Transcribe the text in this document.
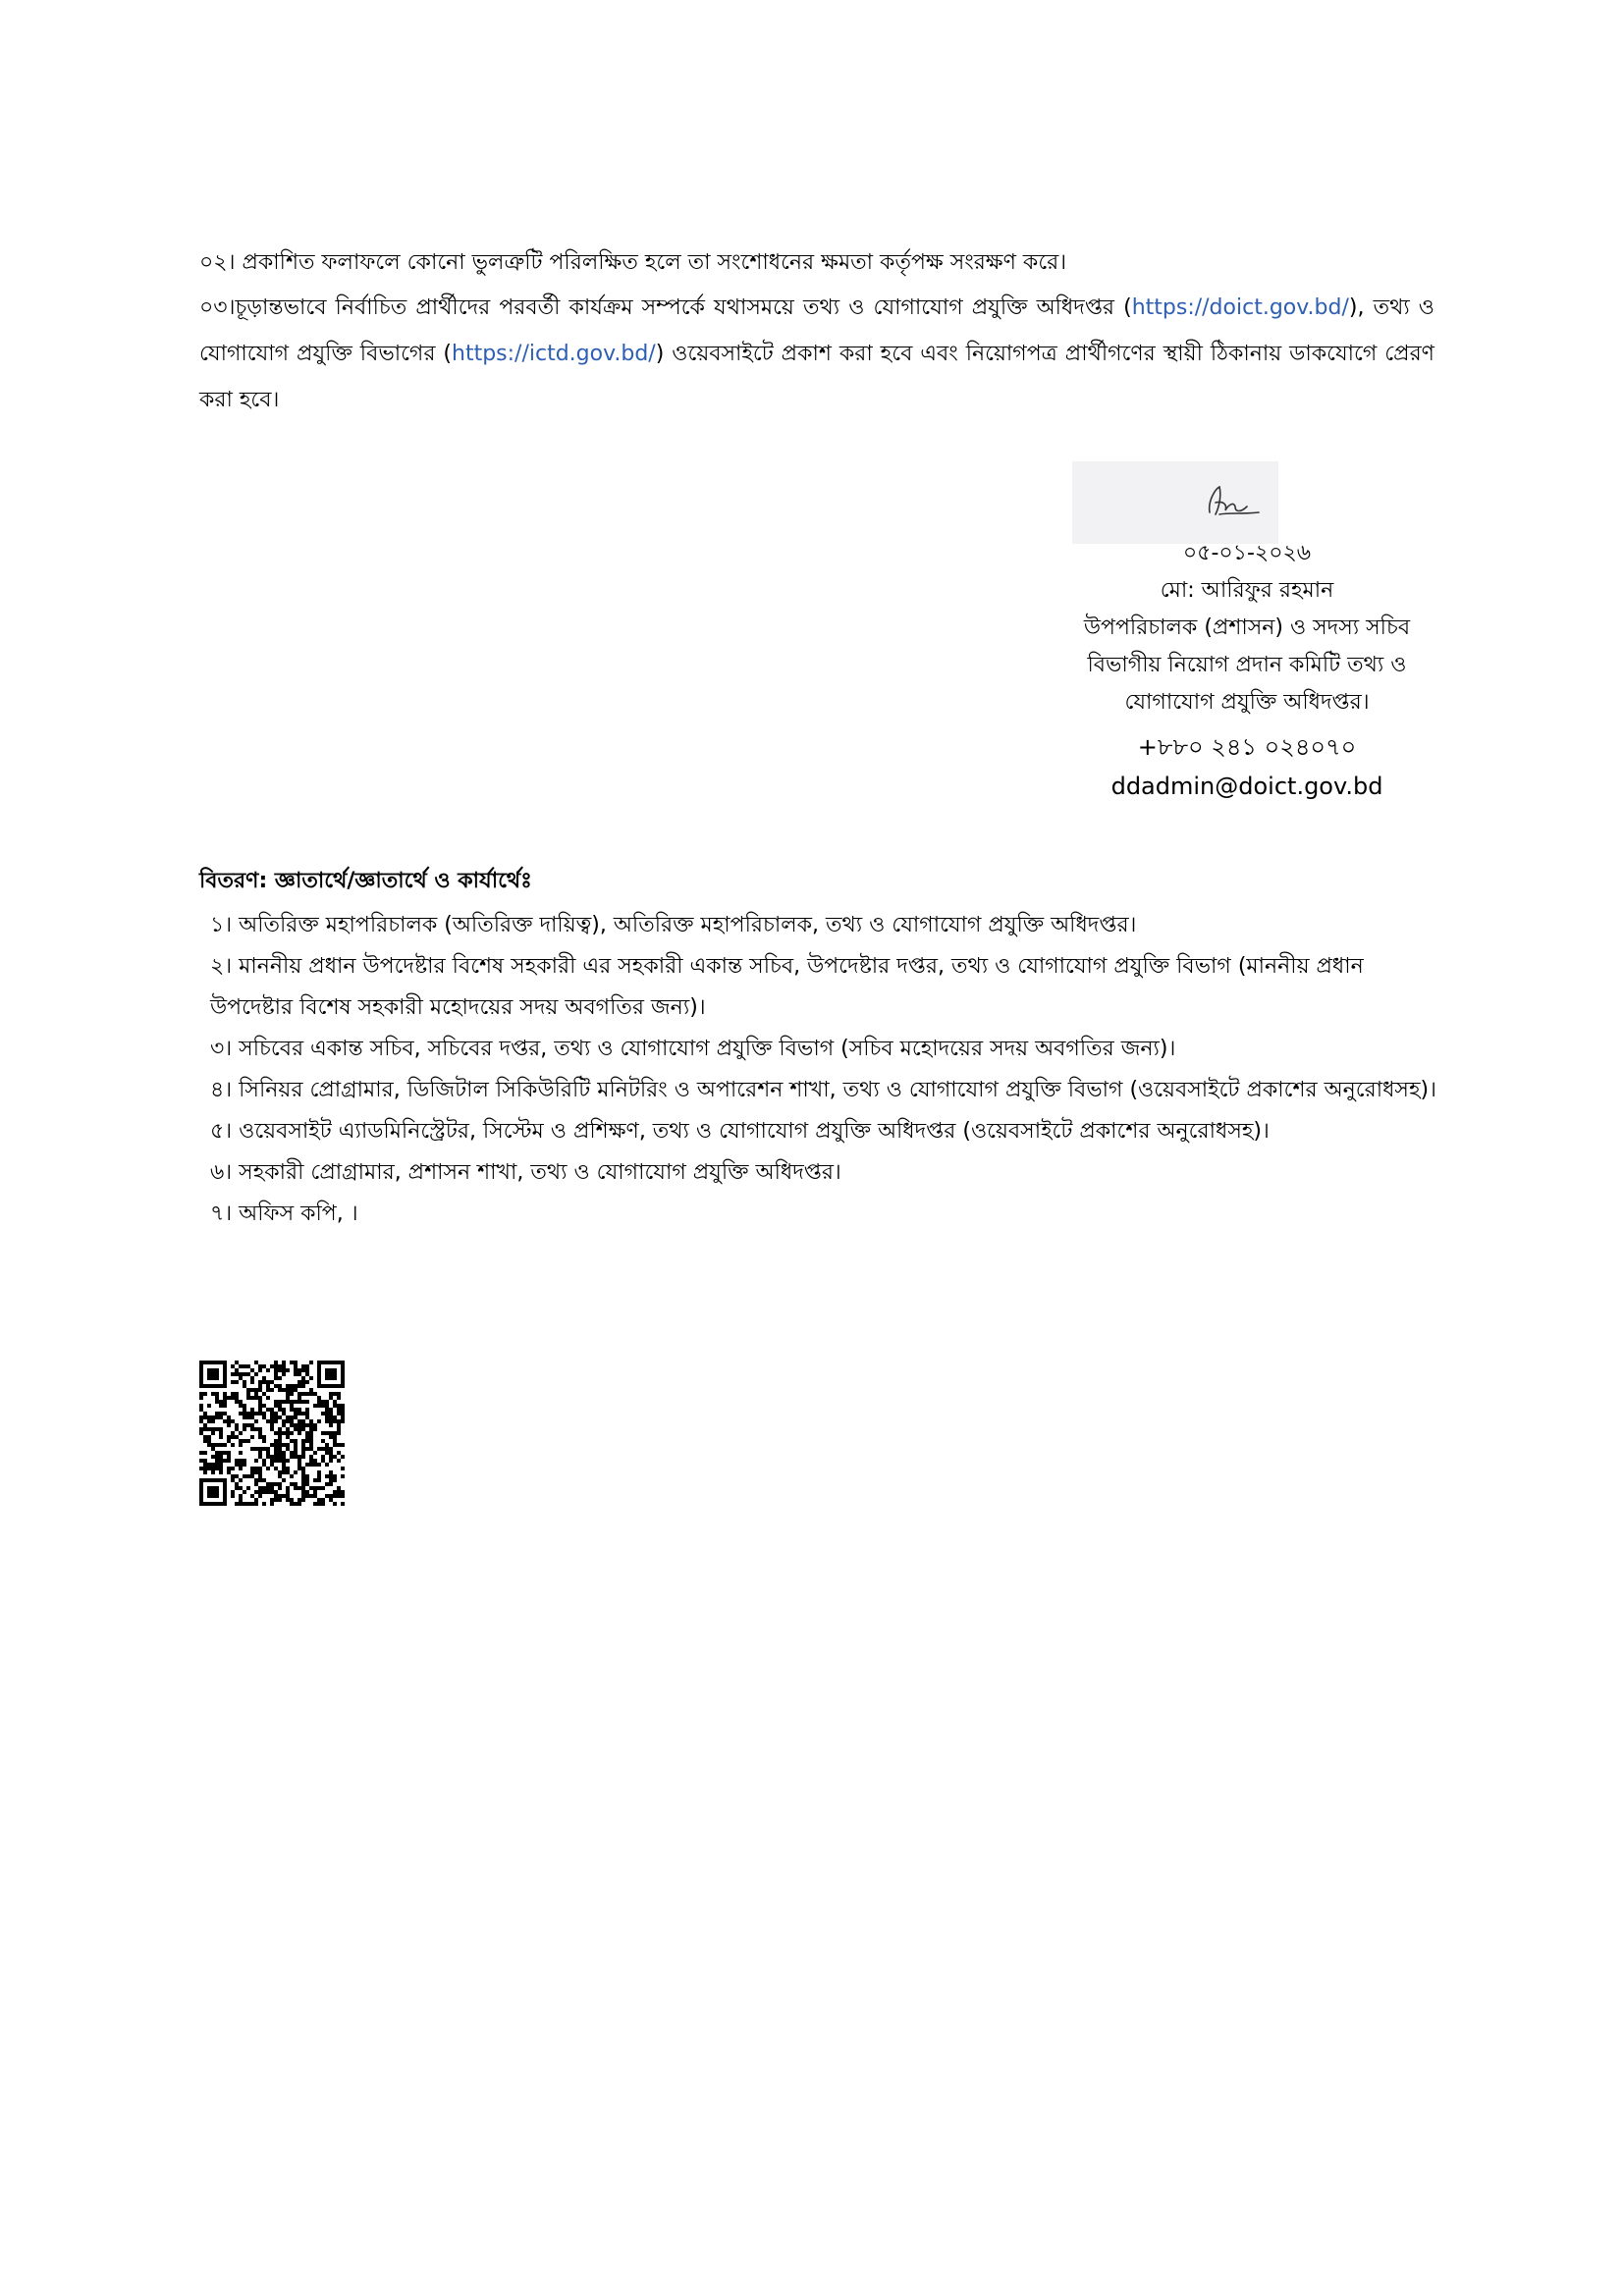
০২। প্রকাশিত ফলাফলে কোনো ভুলত্রুটি পরিলক্ষিত হলে তা সংশোধনের ক্ষমতা কর্তৃপক্ষ সংরক্ষণ করে।

০৩।চূড়ান্তভাবে নির্বাচিত প্রার্থীদের পরবর্তী কার্যক্রম সম্পর্কে যথাসময়ে তথ্য ও যোগাযোগ প্রযুক্তি অধিদপ্তর (https://doict.gov.bd/), তথ্য ও যোগাযোগ প্রযুক্তি বিভাগের (https://ictd.gov.bd/) ওয়েবসাইটে প্রকাশ করা হবে এবং নিয়োগপত্র প্রার্থীগণের স্থায়ী ঠিকানায় ডাকযোগে প্রেরণ করা হবে।

০৫-০১-২০২৬
মো: আরিফুর রহমান
উপপরিচালক (প্রশাসন) ও সদস্য সচিব
বিভাগীয় নিয়োগ প্রদান কমিটি তথ্য ও
যোগাযোগ প্রযুক্তি অধিদপ্তর।
+৮৮০ ২৪১ ০২৪০৭০
ddadmin@doict.gov.bd
বিতরণ: জ্ঞাতার্থে/জ্ঞাতার্থে ও কার্যার্থেঃ
১। অতিরিক্ত মহাপরিচালক (অতিরিক্ত দায়িত্ব), অতিরিক্ত মহাপরিচালক, তথ্য ও যোগাযোগ প্রযুক্তি অধিদপ্তর।
২। মাননীয় প্রধান উপদেষ্টার বিশেষ সহকারী এর সহকারী একান্ত সচিব, উপদেষ্টার দপ্তর, তথ্য ও যোগাযোগ প্রযুক্তি বিভাগ (মাননীয় প্রধান উপদেষ্টার বিশেষ সহকারী মহোদয়ের সদয় অবগতির জন্য)।
৩। সচিবের একান্ত সচিব, সচিবের দপ্তর, তথ্য ও যোগাযোগ প্রযুক্তি বিভাগ (সচিব মহোদয়ের সদয় অবগতির জন্য)।
৪। সিনিয়র প্রোগ্রামার, ডিজিটাল সিকিউরিটি মনিটরিং ও অপারেশন শাখা, তথ্য ও যোগাযোগ প্রযুক্তি বিভাগ (ওয়েবসাইটে প্রকাশের অনুরোধসহ)।
৫। ওয়েবসাইট এ্যাডমিনিস্ট্রেটর, সিস্টেম ও প্রশিক্ষণ, তথ্য ও যোগাযোগ প্রযুক্তি অধিদপ্তর (ওয়েবসাইটে প্রকাশের অনুরোধসহ)।
৬। সহকারী প্রোগ্রামার, প্রশাসন শাখা, তথ্য ও যোগাযোগ প্রযুক্তি অধিদপ্তর।
৭। অফিস কপি, ।
